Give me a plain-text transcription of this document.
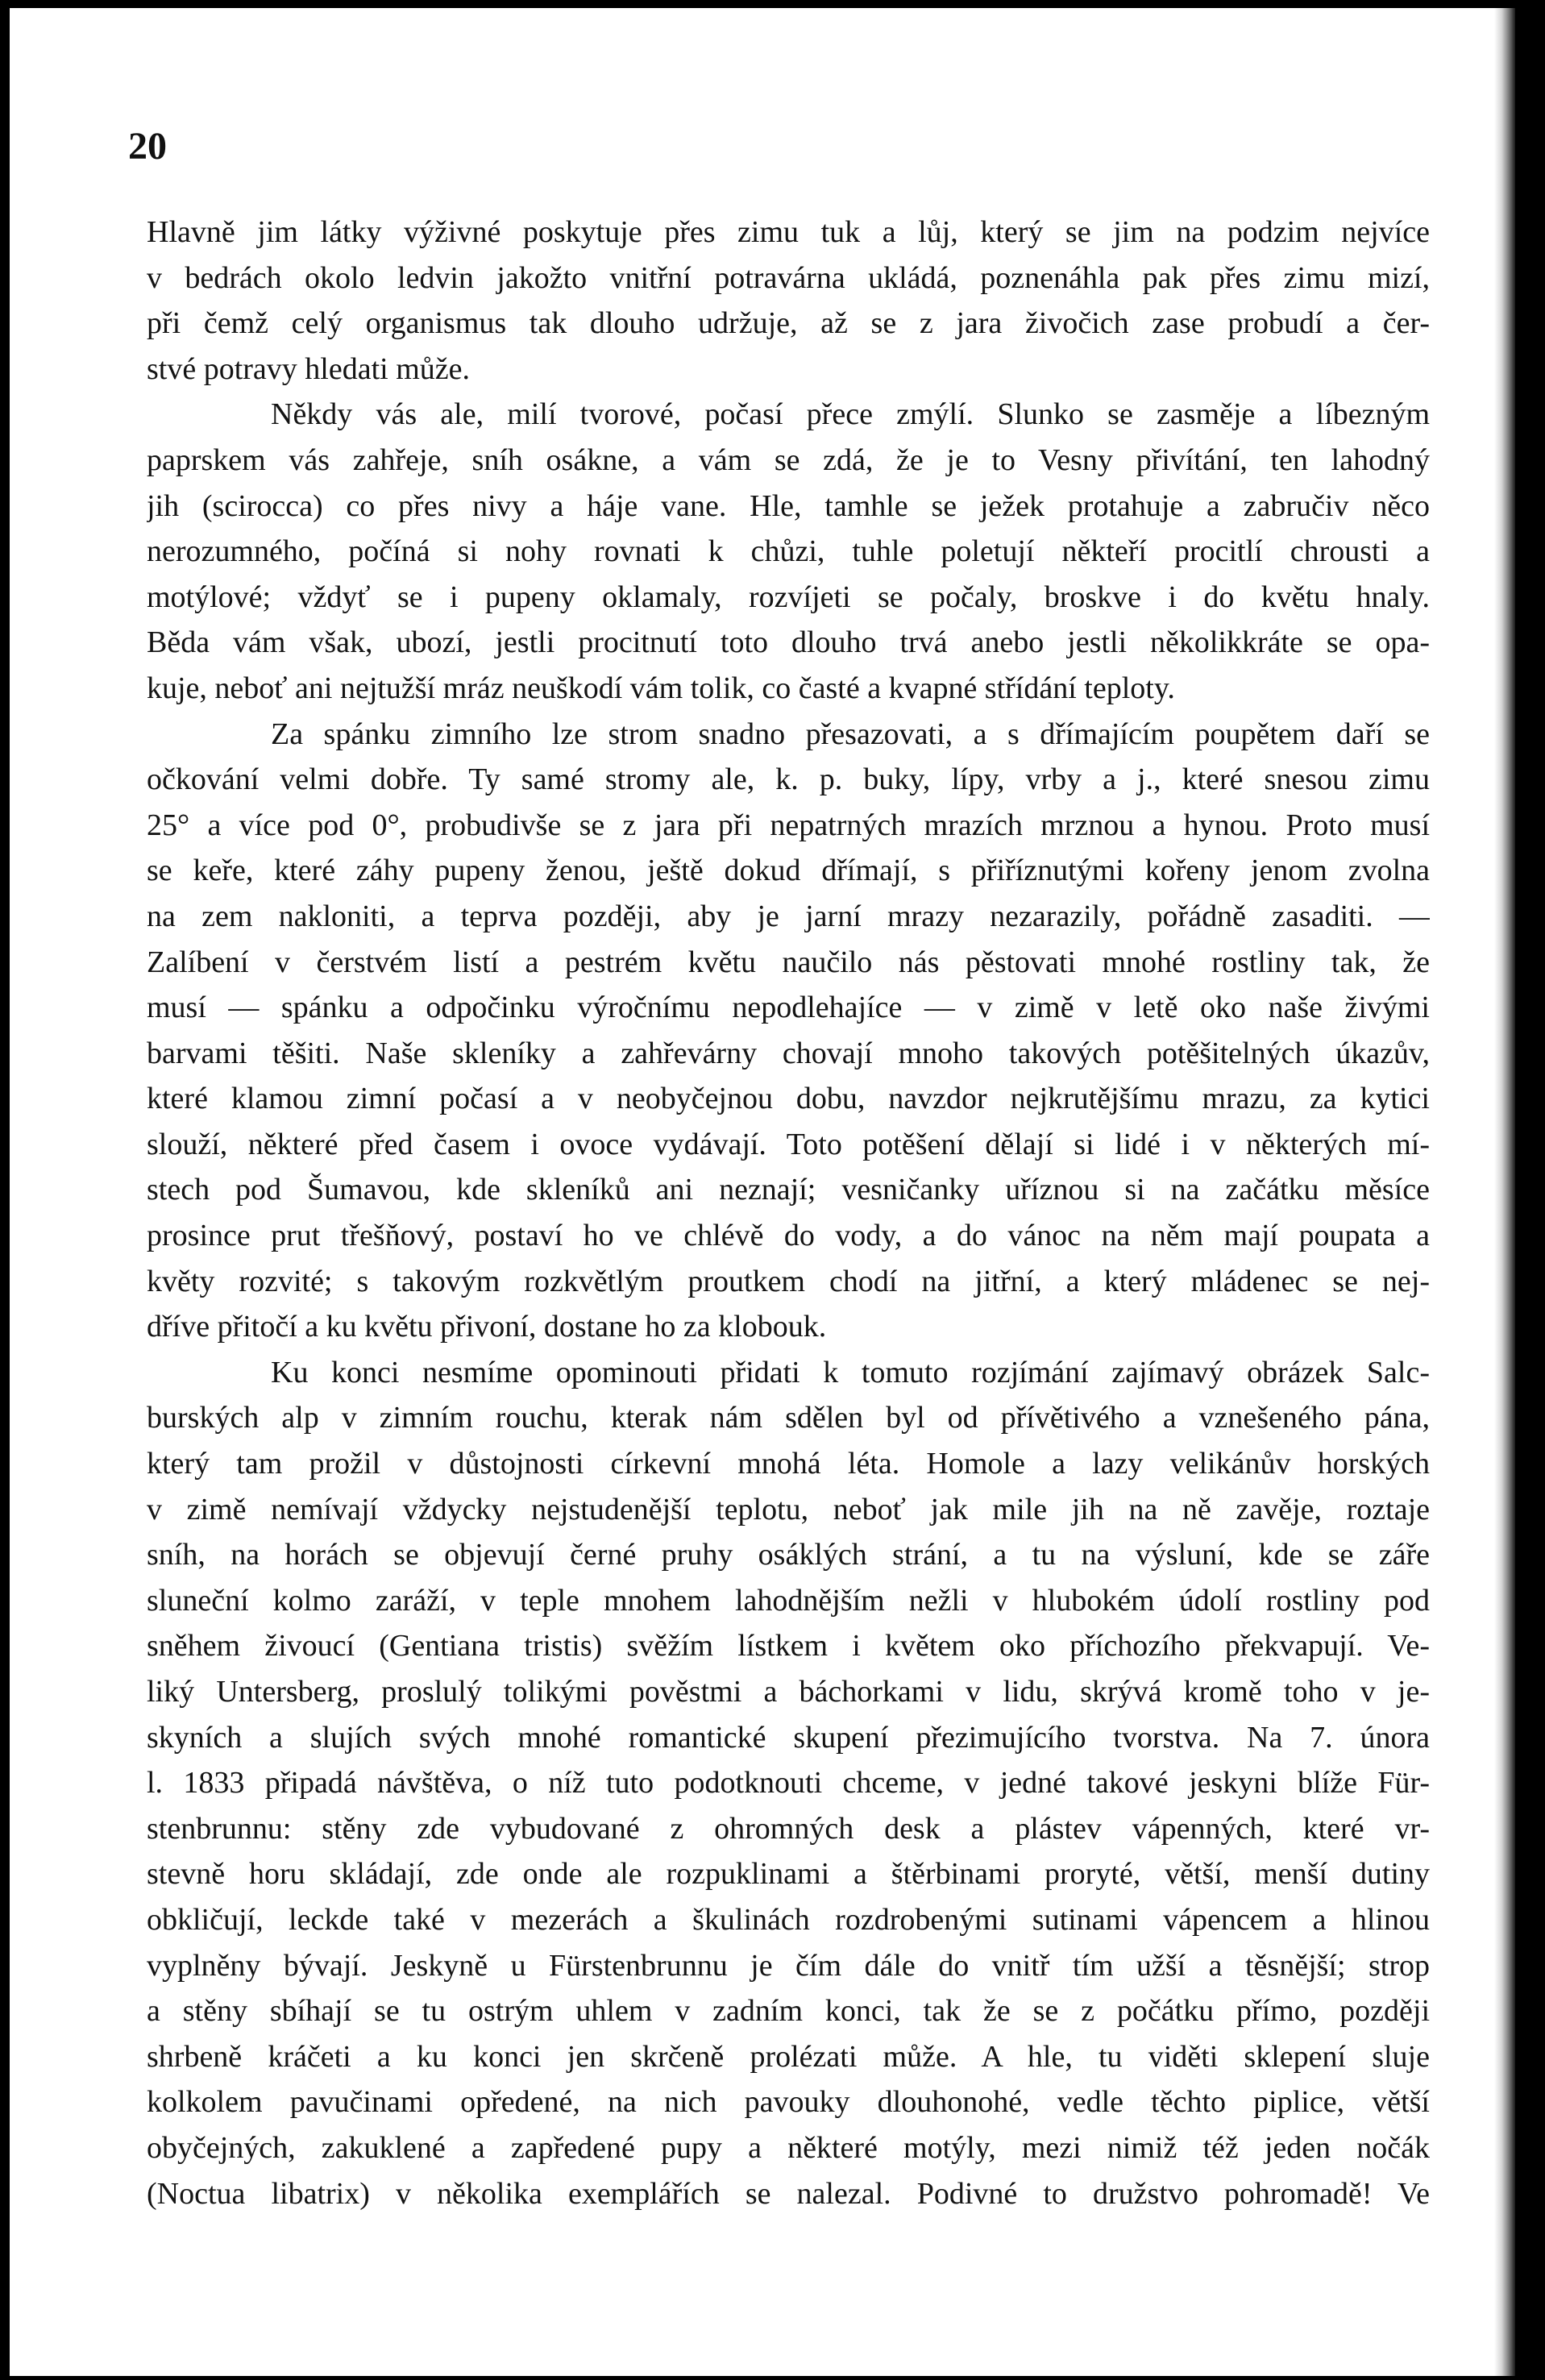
20
Hlavně jim látky výživné poskytuje přes zimu tuk a lůj, který se jim na podzim nejvíce
v bedrách okolo ledvin jakožto vnitřní potravárna ukládá, poznenáhla pak přes zimu mizí,
při čemž celý organismus tak dlouho udržuje, až se z jara živočich zase probudí a čer-
stvé potravy hledati může.
Někdy vás ale, milí tvorové, počasí přece zmýlí. Slunko se zasměje a líbezným
paprskem vás zahřeje, sníh osákne, a vám se zdá, že je to Vesny přivítání, ten lahodný
jih (scirocca) co přes nivy a háje vane. Hle, tamhle se ježek protahuje a zabručiv něco
nerozumného, počíná si nohy rovnati k chůzi, tuhle poletují někteří procitlí chrousti a
motýlové; vždyť se i pupeny oklamaly, rozvíjeti se počaly, broskve i do květu hnaly.
Běda vám však, ubozí, jestli procitnutí toto dlouho trvá anebo jestli několikkráte se opa-
kuje, neboť ani nejtužší mráz neuškodí vám tolik, co časté a kvapné střídání teploty.
Za spánku zimního lze strom snadno přesazovati, a s dřímajícím poupětem daří se
očkování velmi dobře. Ty samé stromy ale, k. p. buky, lípy, vrby a j., které snesou zimu
25° a více pod 0°, probudivše se z jara při nepatrných mrazích mrznou a hynou. Proto musí
se keře, které záhy pupeny ženou, ještě dokud dřímají, s přiříznutými kořeny jenom zvolna
na zem nakloniti, a teprva později, aby je jarní mrazy nezarazily, pořádně zasaditi. —
Zalíbení v čerstvém listí a pestrém květu naučilo nás pěstovati mnohé rostliny tak, že
musí — spánku a odpočinku výročnímu nepodlehajíce — v zimě v letě oko naše živými
barvami těšiti. Naše skleníky a zahřevárny chovají mnoho takových potěšitelných úkazův,
které klamou zimní počasí a v neobyčejnou dobu, navzdor nejkrutějšímu mrazu, za kytici
slouží, některé před časem i ovoce vydávají. Toto potěšení dělají si lidé i v některých mí-
stech pod Šumavou, kde skleníků ani neznají; vesničanky uříznou si na začátku měsíce
prosince prut třešňový, postaví ho ve chlévě do vody, a do vánoc na něm mají poupata a
květy rozvité; s takovým rozkvětlým proutkem chodí na jitřní, a který mládenec se nej-
dříve přitočí a ku květu přivoní, dostane ho za klobouk.
Ku konci nesmíme opominouti přidati k tomuto rozjímání zajímavý obrázek Salc-
burských alp v zimním rouchu, kterak nám sdělen byl od přívětivého a vznešeného pána,
který tam prožil v důstojnosti církevní mnohá léta. Homole a lazy velikánův horských
v zimě nemívají vždycky nejstudenější teplotu, neboť jak mile jih na ně zavěje, roztaje
sníh, na horách se objevují černé pruhy osáklých strání, a tu na výsluní, kde se záře
sluneční kolmo zaráží, v teple mnohem lahodnějším nežli v hlubokém údolí rostliny pod
sněhem živoucí (Gentiana tristis) svěžím lístkem i květem oko příchozího překvapují. Ve-
liký Untersberg, proslulý tolikými pověstmi a báchorkami v lidu, skrývá kromě toho v je-
skyních a slujích svých mnohé romantické skupení přezimujícího tvorstva. Na 7. února
l. 1833 připadá návštěva, o níž tuto podotknouti chceme, v jedné takové jeskyni blíže Für-
stenbrunnu: stěny zde vybudované z ohromných desk a plástev vápenných, které vr-
stevně horu skládají, zde onde ale rozpuklinami a štěrbinami proryté, větší, menší dutiny
obkličují, leckde také v mezerách a škulinách rozdrobenými sutinami vápencem a hlinou
vyplněny bývají. Jeskyně u Fürstenbrunnu je čím dále do vnitř tím užší a těsnější; strop
a stěny sbíhají se tu ostrým uhlem v zadním konci, tak že se z počátku přímo, později
shrbeně kráčeti a ku konci jen skrčeně prolézati může. A hle, tu viděti sklepení sluje
kolkolem pavučinami opředené, na nich pavouky dlouhonohé, vedle těchto piplice, větší
obyčejných, zakuklené a zapředené pupy a některé motýly, mezi nimiž též jeden nočák
(Noctua libatrix) v několika exemplářích se nalezal. Podivné to družstvo pohromadě! Ve
